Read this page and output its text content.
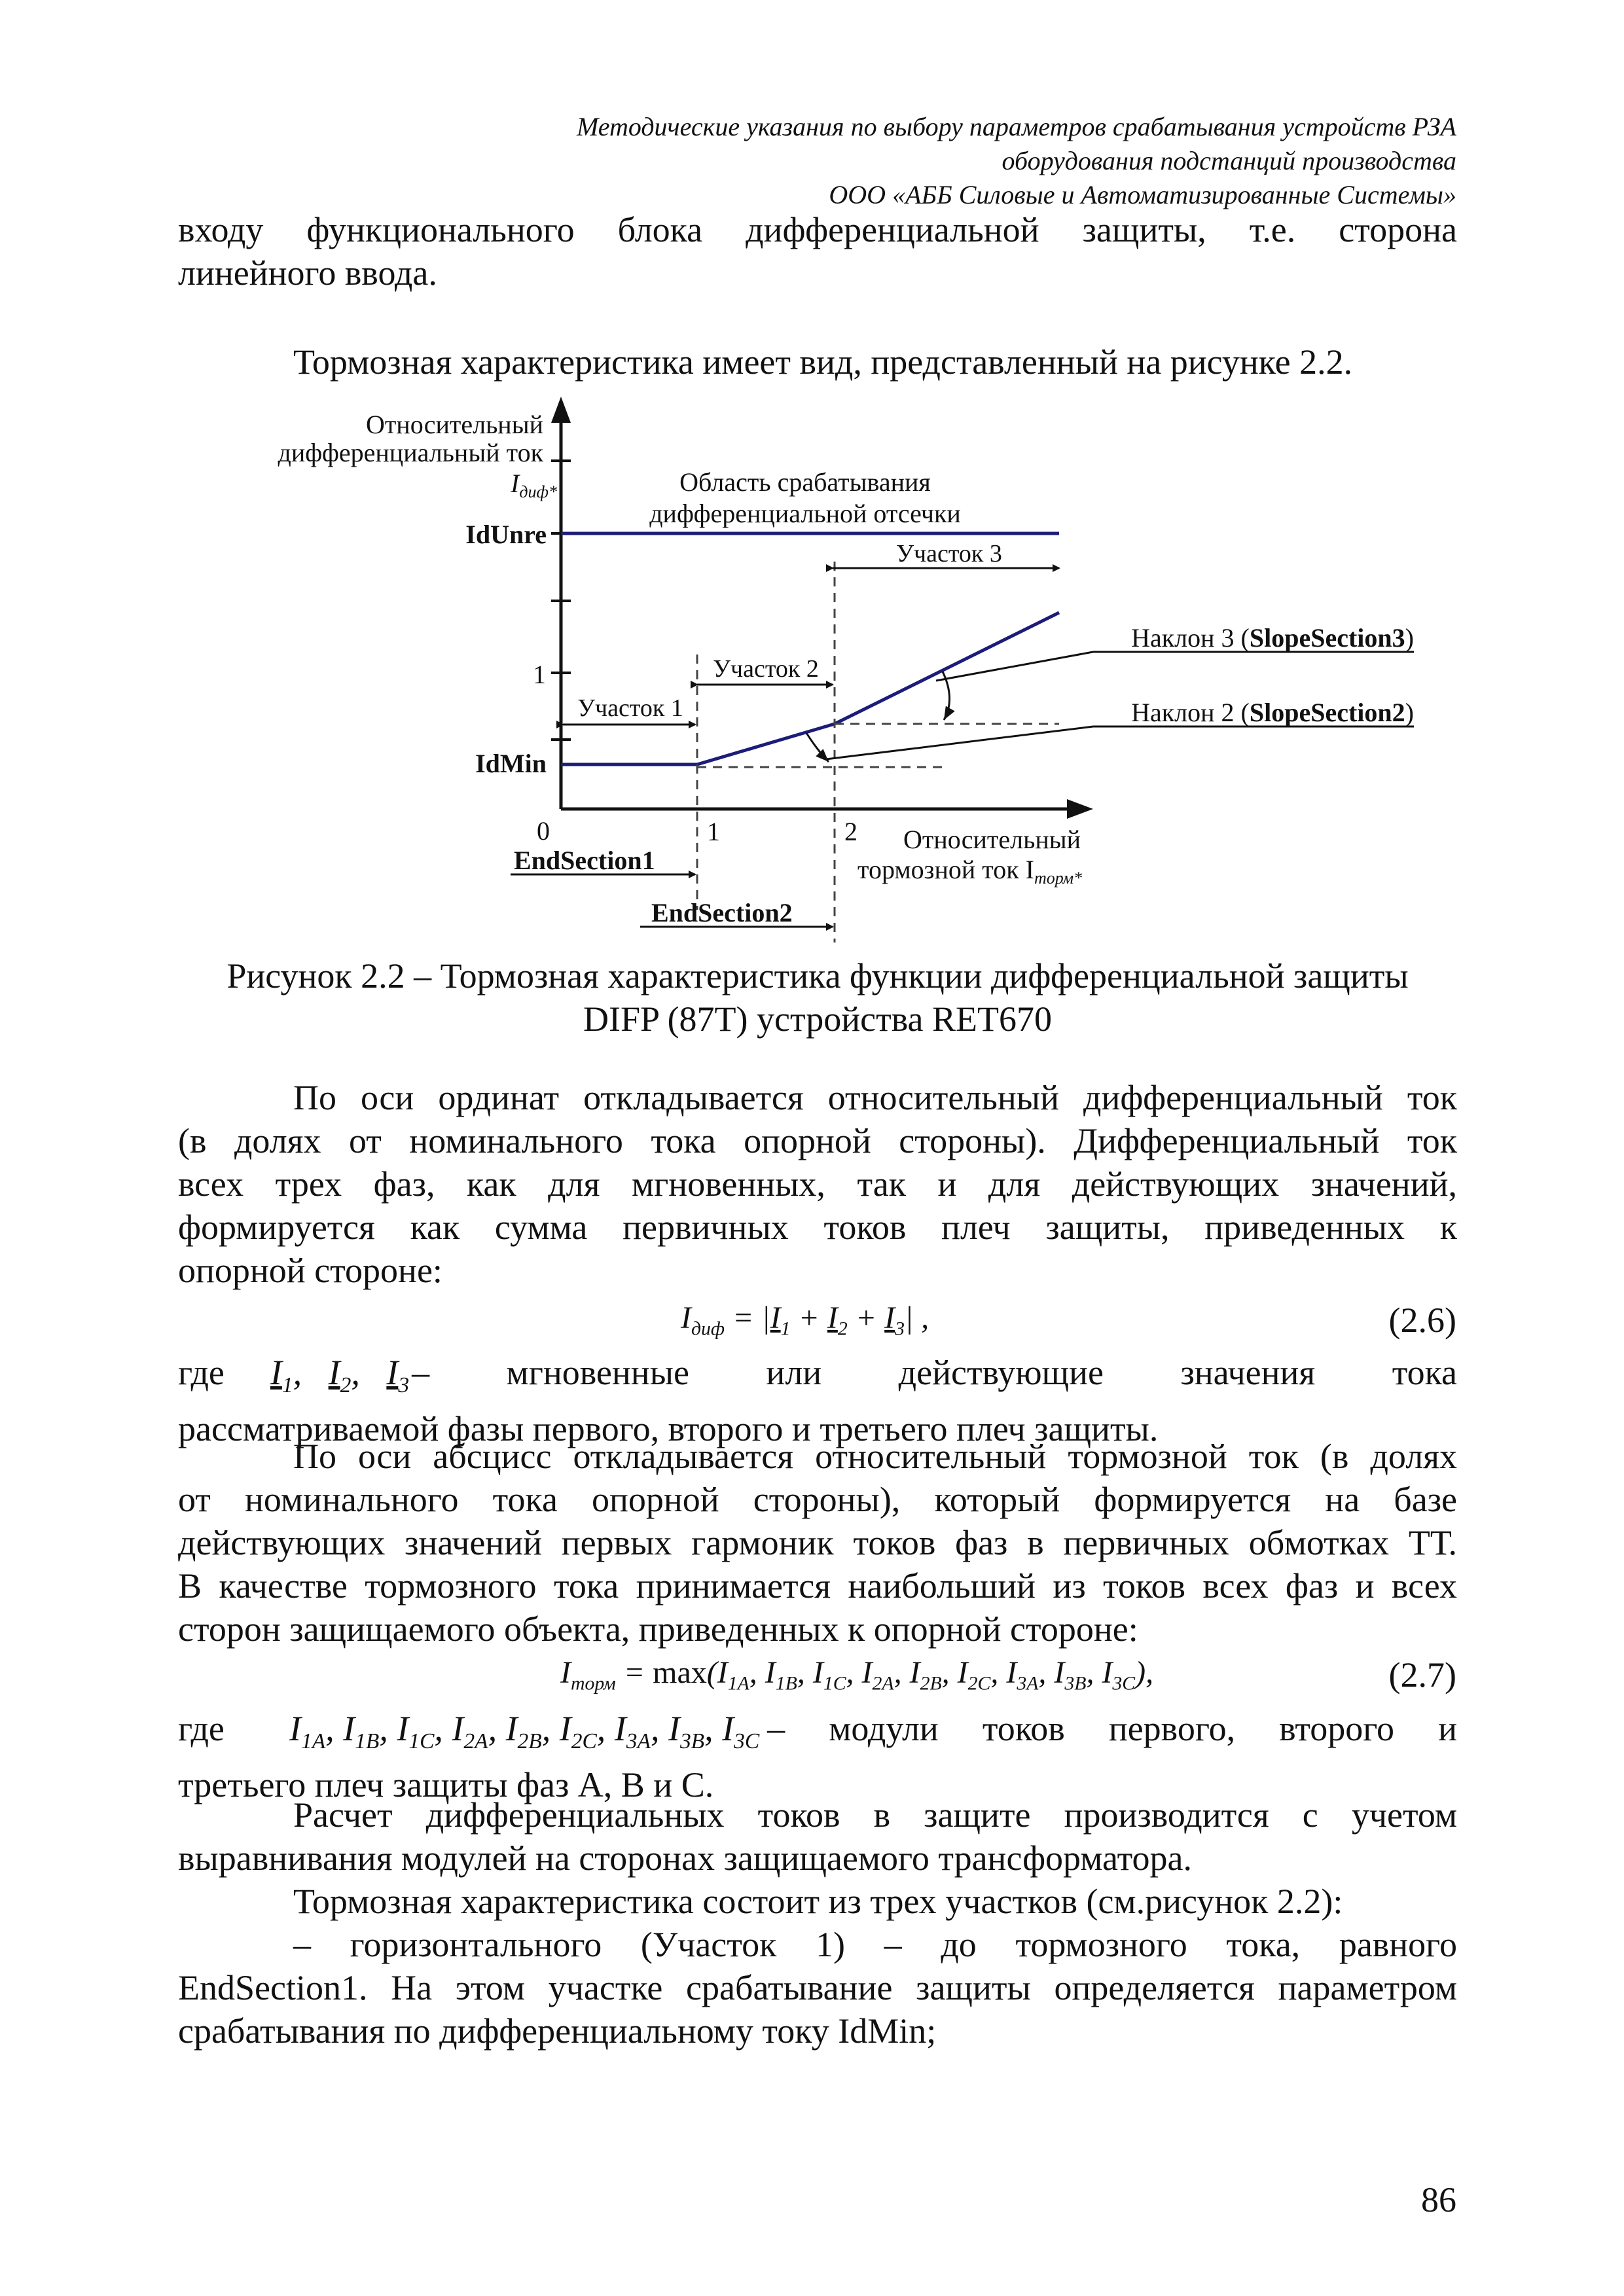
Методические указания по выбору параметров срабатывания устройств РЗА
оборудования подстанций производства
ООО «АББ Силовые и Автоматизированные Системы»
входу функционального блока дифференциальной защиты, т.е. сторона
линейного ввода.
Тормозная характеристика имеет вид, представленный на рисунке 2.2.
Относительный
дифференциальный ток
$I_{диф*}$
IdUnre
IdMin
1
0	1	2
Область срабатывания
дифференциальной отсечки
Участок 1
Участок 2
Участок 3
Наклон 3 (SlopeSection3)
Наклон 2 (SlopeSection2)
Относительный
тормозной ток $I_{торм*}$
EndSection1
EndSection2
Рисунок 2.2 – Тормозная характеристика функции дифференциальной защиты
DIFP (87T) устройства RET670
По оси ординат откладывается относительный дифференциальный ток
(в долях от номинального тока опорной стороны). Дифференциальный ток
всех трех фаз, как для мгновенных, так и для действующих значений,
формируется как сумма первичных токов плеч защиты, приведенных к
опорной стороне:
$I_{диф} = |I_1 + I_2 + I_3|$ ,	(2.6)
где $I_1$,   $I_2$,   $I_3$ – мгновенные или действующие значения тока
рассматриваемой фазы первого, второго и третьего плеч защиты.
По оси абсцисс откладывается относительный тормозной ток (в долях
от номинального тока опорной стороны), который формируется на базе
действующих значений первых гармоник токов фаз в первичных обмотках ТТ.
В качестве тормозного тока принимается наибольший из токов всех фаз и всех
сторон защищаемого объекта, приведенных к опорной стороне:
$I_{торм} = \max(I_{1A}$, $I_{1B}$, $I_{1C}$, $I_{2A}$, $I_{2B}$, $I_{2C}$, $I_{3A}$, $I_{3B}$, $I_{3C}$),	(2.7)
где	$I_{1A}$, $I_{1B}$, $I_{1C}$, $I_{2A}$, $I_{2B}$, $I_{2C}$, $I_{3A}$, $I_{3B}$, $I_{3C}$ – модули токов первого, второго и
третьего плеч защиты фаз А, В и С.
Расчет дифференциальных токов в защите производится с учетом
выравнивания модулей на сторонах защищаемого трансформатора.
Тормозная характеристика состоит из трех участков (см.рисунок 2.2):
– горизонтального (Участок 1) – до тормозного тока, равного
EndSection1. На этом участке срабатывание защиты определяется параметром
срабатывания по дифференциальному току IdMin;
86
